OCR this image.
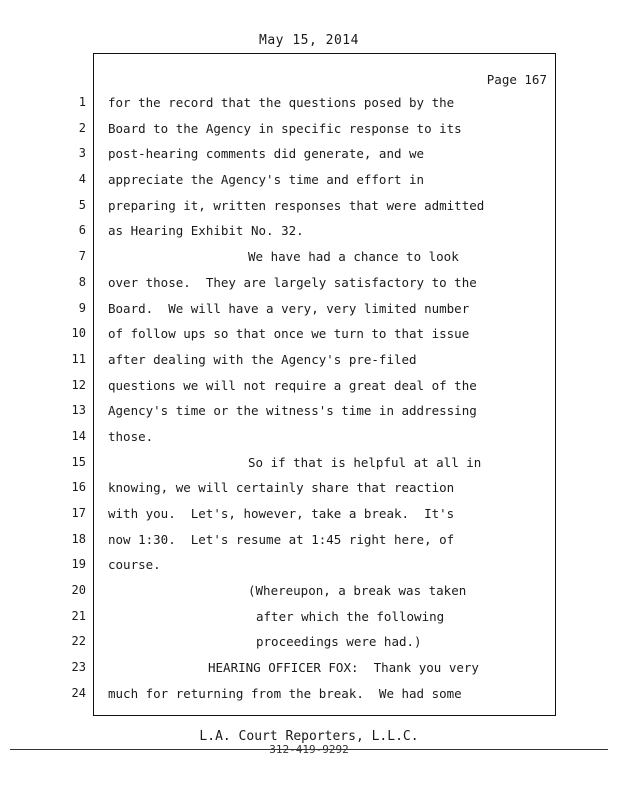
May 15, 2014
Page 167
1
2
3
4
5
6
7
8
9
10
11
12
13
14
15
16
17
18
19
20
21
22
23
24
for the record that the questions posed by the
Board to the Agency in specific response to its
post-hearing comments did generate, and we
appreciate the Agency's time and effort in
preparing it, written responses that were admitted
as Hearing Exhibit No. 32.
We have had a chance to look
over those.  They are largely satisfactory to the
Board.  We will have a very, very limited number
of follow ups so that once we turn to that issue
after dealing with the Agency's pre-filed
questions we will not require a great deal of the
Agency's time or the witness's time in addressing
those.
So if that is helpful at all in
knowing, we will certainly share that reaction
with you.  Let's, however, take a break.  It's
now 1:30.  Let's resume at 1:45 right here, of
course.
(Whereupon, a break was taken
after which the following
proceedings were had.)
HEARING OFFICER FOX:  Thank you very
much for returning from the break.  We had some
L.A. Court Reporters, L.L.C.
312-419-9292
